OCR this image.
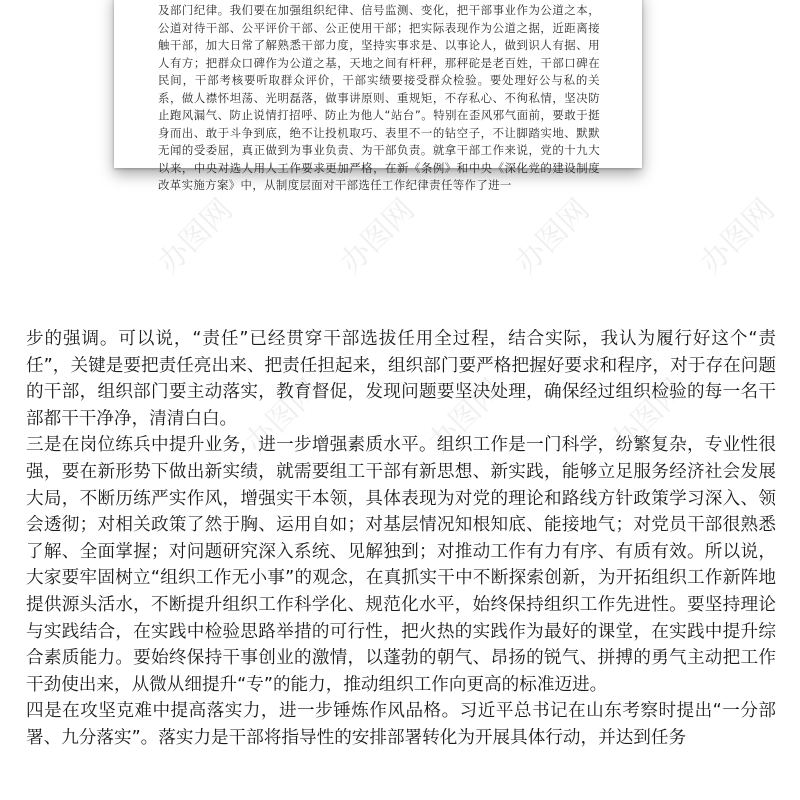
及部门纪律。我们要在加强组织纪律、信号监测、变化，把干部事业作为公道之本，公道对待干部、公平评价干部、公正使用干部；把实际表现作为公道之据，近距离接触干部，加大日常了解熟悉干部力度，坚持实事求是、以事论人，做到识人有据、用人有方；把群众口碑作为公道之基，天地之间有杆秤，那秤砣是老百姓，干部口碑在民间，干部考核要听取群众评价，干部实绩要接受群众检验。要处理好公与私的关系，做人襟怀坦荡、光明磊落，做事讲原则、重规矩，不存私心、不徇私情，坚决防止跑风漏气、防止说情打招呼、防止为他人“站台”。特别在歪风邪气面前，要敢于挺身而出、敢于斗争到底，绝不让投机取巧、表里不一的钻空子，不让脚踏实地、默默无闻的受委屈，真正做到为事业负责、为干部负责。就拿干部工作来说，党的十九大以来，中央对选人用人工作要求更加严格，在新《条例》和中央《深化党的建设制度改革实施方案》中，从制度层面对干部选任工作纪律责任等作了进一

办图网	办图网	办图网	办图网
办图网	办图网	办图网

步的强调。可以说，“责任”已经贯穿干部选拔任用全过程，结合实际，我认为履行好这个“责任”，关键是要把责任亮出来、把责任担起来，组织部门要严格把握好要求和程序，对于存在问题的干部，组织部门要主动落实，教育督促，发现问题要坚决处理，确保经过组织检验的每一名干部都干干净净，清清白白。

三是在岗位练兵中提升业务，进一步增强素质水平。组织工作是一门科学，纷繁复杂，专业性很强，要在新形势下做出新实绩，就需要组工干部有新思想、新实践，能够立足服务经济社会发展大局，不断历练严实作风，增强实干本领，具体表现为对党的理论和路线方针政策学习深入、领会透彻；对相关政策了然于胸、运用自如；对基层情况知根知底、能接地气；对党员干部很熟悉了解、全面掌握；对问题研究深入系统、见解独到；对推动工作有力有序、有质有效。所以说，大家要牢固树立“组织工作无小事”的观念，在真抓实干中不断探索创新，为开拓组织工作新阵地提供源头活水，不断提升组织工作科学化、规范化水平，始终保持组织工作先进性。要坚持理论与实践结合，在实践中检验思路举措的可行性，把火热的实践作为最好的课堂，在实践中提升综合素质能力。要始终保持干事创业的激情，以蓬勃的朝气、昂扬的锐气、拼搏的勇气主动把工作干劲使出来，从微从细提升“专”的能力，推动组织工作向更高的标准迈进。

四是在攻坚克难中提高落实力，进一步锤炼作风品格。习近平总书记在山东考察时提出“一分部署、九分落实”。落实力是干部将指导性的安排部署转化为开展具体行动，并达到任务
